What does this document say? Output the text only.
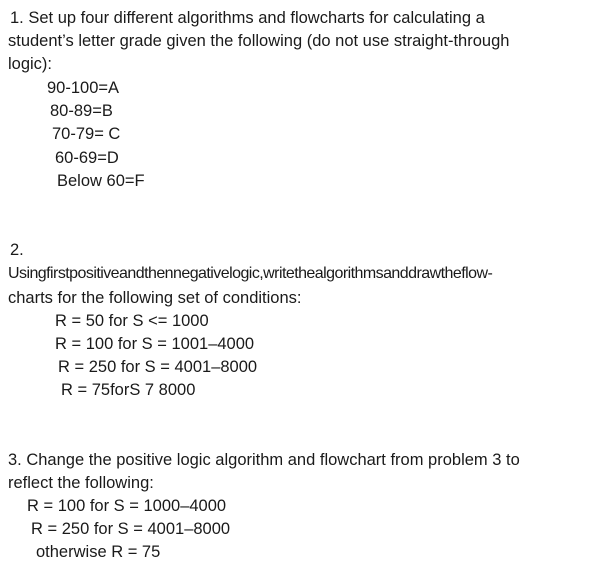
1. Set up four different algorithms and flowcharts for calculating a
student’s letter grade given the following (do not use straight-through
logic):
90-100=A
80-89=B
70-79= C
60-69=D
Below 60=F
2.
Usingfirstpositiveandthennegativelogic,writethealgorithmsanddrawtheflow-
charts for the following set of conditions:
R = 50 for S <= 1000
R = 100 for S = 1001–4000
R = 250 for S = 4001–8000
R = 75forS 7 8000
3. Change the positive logic algorithm and flowchart from problem 3 to
reflect the following:
R = 100 for S = 1000–4000
R = 250 for S = 4001–8000
otherwise R = 75
